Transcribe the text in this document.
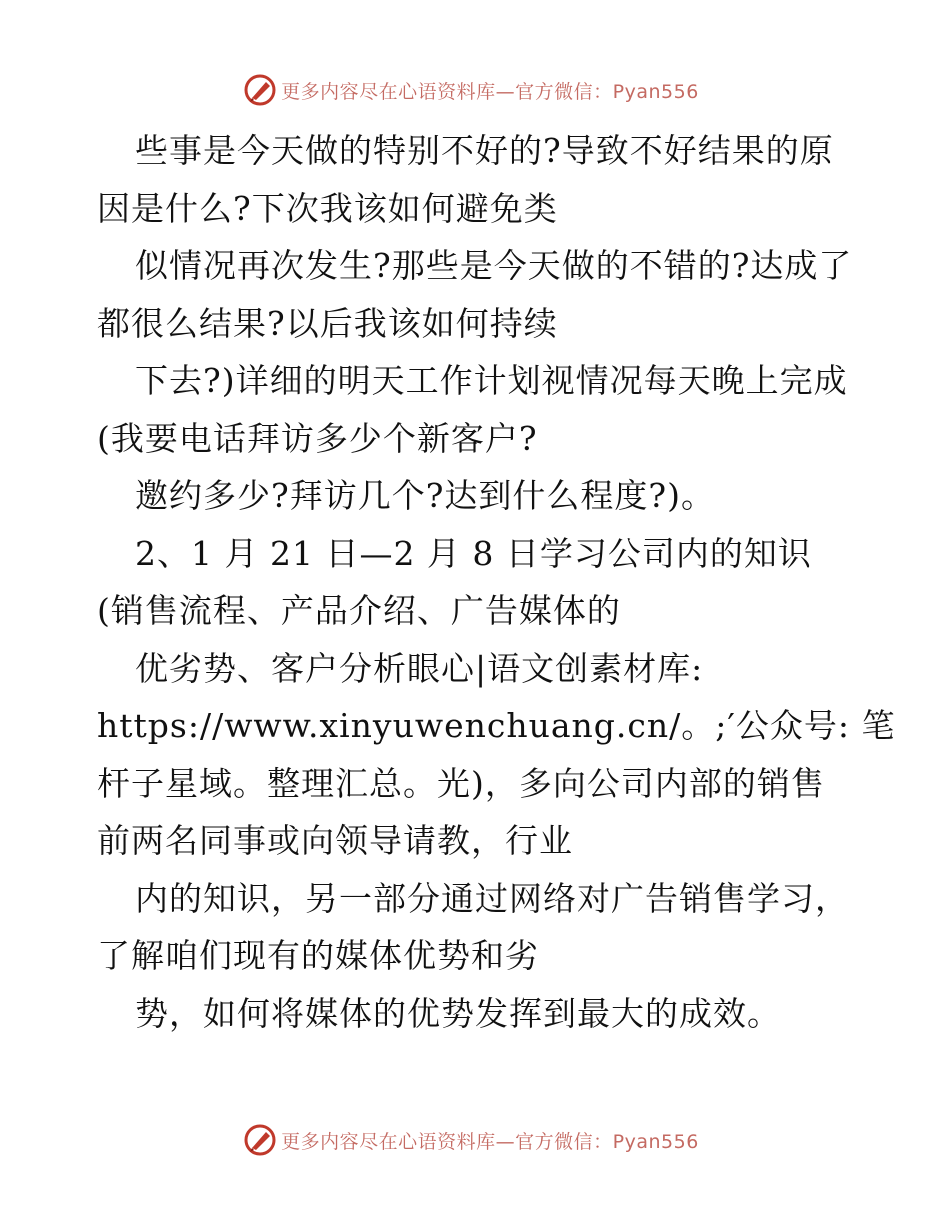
更多内容尽在心语资料库—官方微信：Pyan556
些事是今天做的特别不好的?导致不好结果的原
因是什么?下次我该如何避免类
似情况再次发生?那些是今天做的不错的?达成了
都很么结果?以后我该如何持续
下去?)详细的明天工作计划视情况每天晚上完成
(我要电话拜访多少个新客户?
邀约多少?拜访几个?达到什么程度?)。
2、1 月 21 日—2 月 8 日学习公司内的知识
(销售流程、产品介绍、广告媒体的
优劣势、客户分析眼心|语文创素材库:
https://www.xinyuwenchuang.cn/。;′公众号: 笔
杆子星域。整理汇总。光)，多向公司内部的销售
前两名同事或向领导请教，行业
内的知识，另一部分通过网络对广告销售学习，
了解咱们现有的媒体优势和劣
势，如何将媒体的优势发挥到最大的成效。
更多内容尽在心语资料库—官方微信：Pyan556
